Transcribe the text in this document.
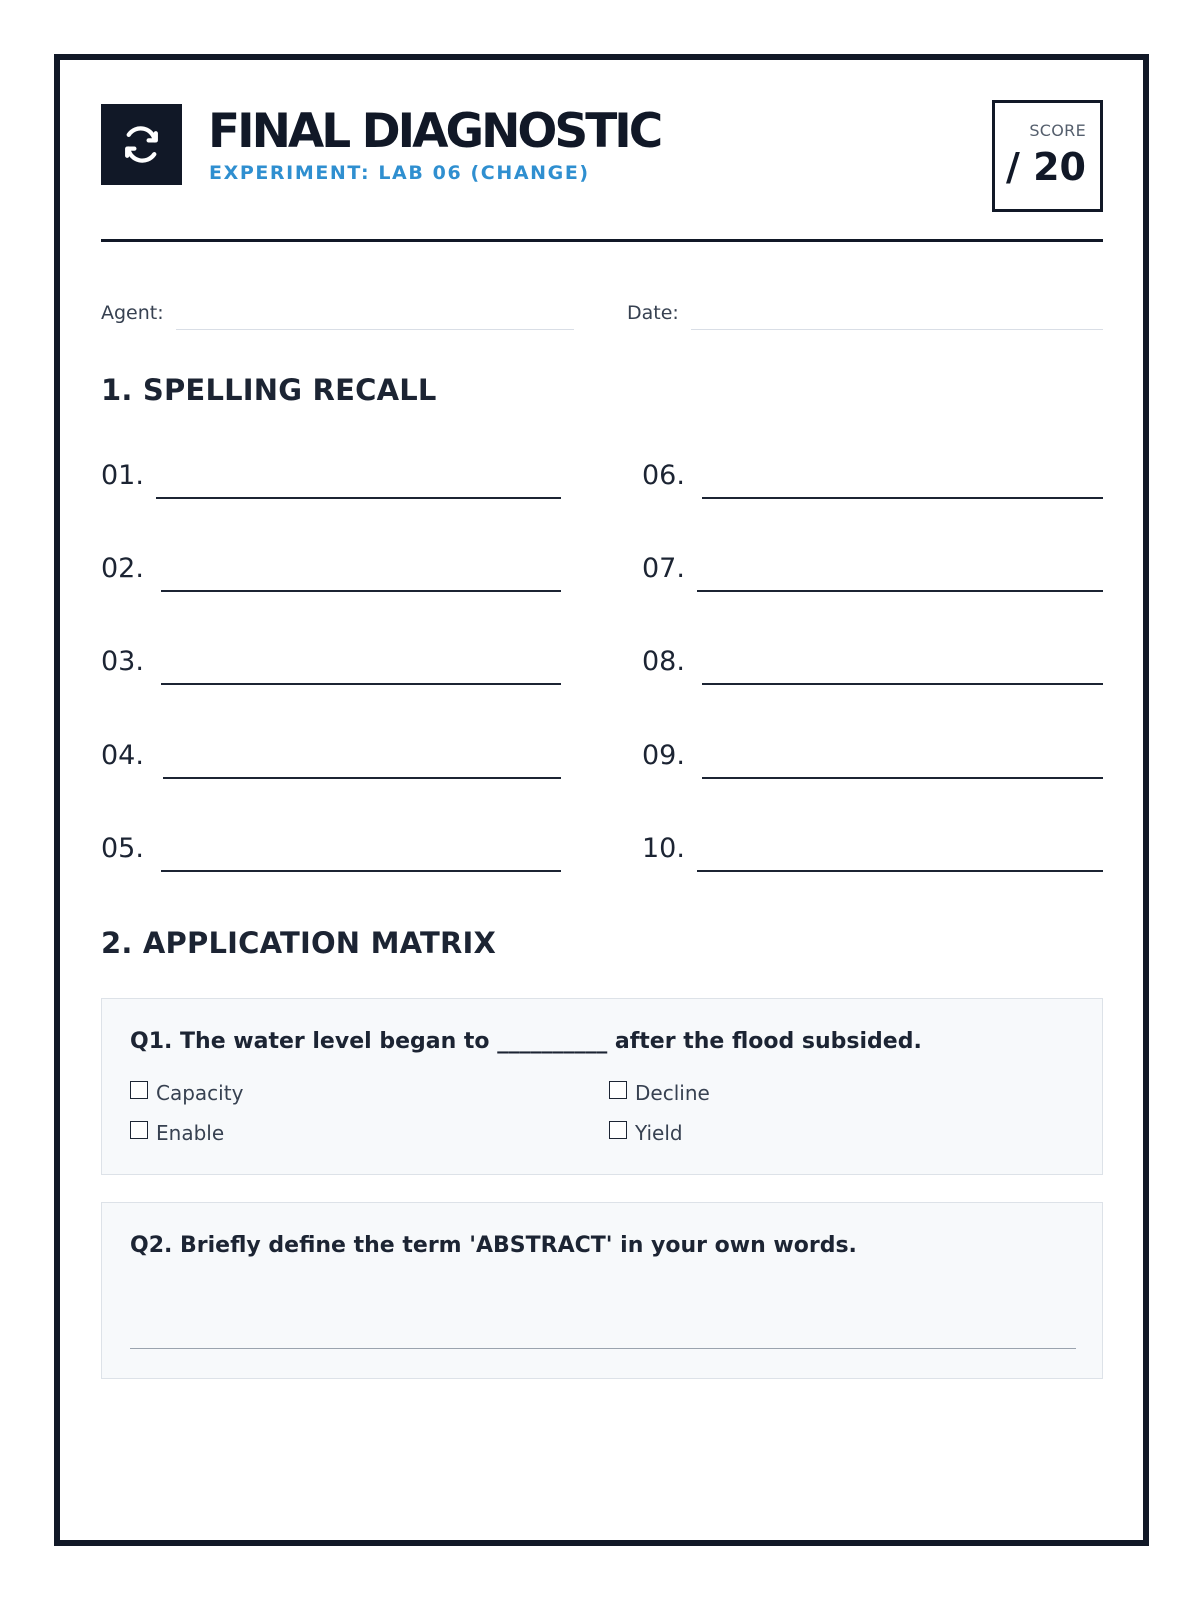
FINAL DIAGNOSTIC
EXPERIMENT: LAB 06 (CHANGE)
SCORE
/ 20
Agent:	Date:
1. SPELLING RECALL
01.
02.
03.
04.
05.
06.
07.
08.
09.
10.
2. APPLICATION MATRIX
Q1. The water level began to __________ after the flood subsided.
Capacity	Decline
Enable	Yield
Q2. Briefly define the term 'ABSTRACT' in your own words.
